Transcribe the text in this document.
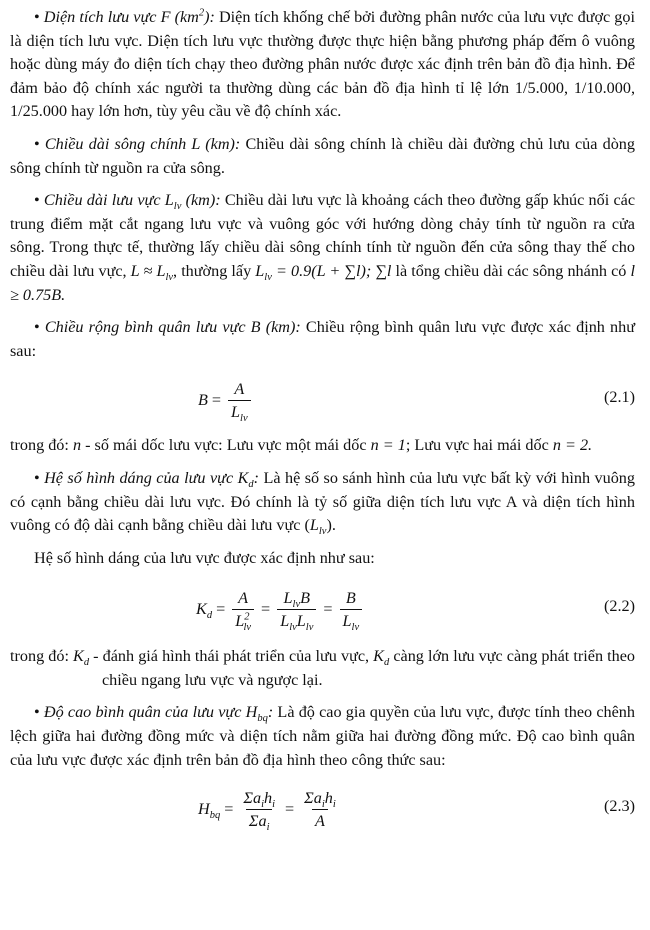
• Diện tích lưu vực F $(km^2)$: Diện tích khống chế bởi đường phân nước của lưu vực được gọi là diện tích lưu vực. Diện tích lưu vực thường được thực hiện bằng phương pháp đếm ô vuông hoặc dùng máy đo diện tích chạy theo đường phân nước được xác định trên bản đồ địa hình. Để đảm bảo độ chính xác người ta thường dùng các bản đồ địa hình tỉ lệ lớn 1/5.000, 1/10.000, 1/25.000 hay lớn hơn, tùy yêu cầu về độ chính xác.

• Chiều dài sông chính L (km): Chiều dài sông chính là chiều dài đường chủ lưu của dòng sông chính từ nguồn ra cửa sông.

• Chiều dài lưu vực $L_{lv}$ (km): Chiều dài lưu vực là khoảng cách theo đường gấp khúc nối các trung điểm mặt cắt ngang lưu vực và vuông góc với hướng dòng chảy tính từ nguồn ra cửa sông. Trong thực tế, thường lấy chiều dài sông chính tính từ nguồn đến cửa sông thay thế cho chiều dài lưu vực, $L \approx L_{lv}$, thường lấy $L_{lv} = 0.9(L + \sum l)$; ∑l là tổng chiều dài các sông nhánh có l ≥ 0.75B.

• Chiều rộng bình quân lưu vực B (km): Chiều rộng bình quân lưu vực được xác định như sau:

$B = \frac{A}{L_{lv}}$	(2.1)

trong đó: n - số mái dốc lưu vực: Lưu vực một mái dốc n = 1; Lưu vực hai mái dốc n = 2.

• Hệ số hình dáng của lưu vực $K_d$: Là hệ số so sánh hình của lưu vực bất kỳ với hình vuông có cạnh bằng chiều dài lưu vực. Đó chính là tỷ số giữa diện tích lưu vực A và diện tích hình vuông có độ dài cạnh bằng chiều dài lưu vực $(L_{lv})$.

Hệ số hình dáng của lưu vực được xác định như sau:

$K_d = \frac{A}{L^2_{lv}} = \frac{L_{lv}B}{L_{lv}L_{lv}} = \frac{B}{L_{lv}}$	(2.2)

trong đó: $K_d$ - đánh giá hình thái phát triển của lưu vực, $K_d$ càng lớn lưu vực càng phát triển theo chiều ngang lưu vực và ngược lại.

• Độ cao bình quân của lưu vực $H_{bq}$: Là độ cao gia quyền của lưu vực, được tính theo chênh lệch giữa hai đường đồng mức và diện tích nằm giữa hai đường đồng mức. Độ cao bình quân của lưu vực được xác định trên bản đồ địa hình theo công thức sau:

$H_{bq} = \frac{\Sigma a_ih_i}{\Sigma a_i} = \frac{\Sigma a_ih_i}{A}$	(2.3)
